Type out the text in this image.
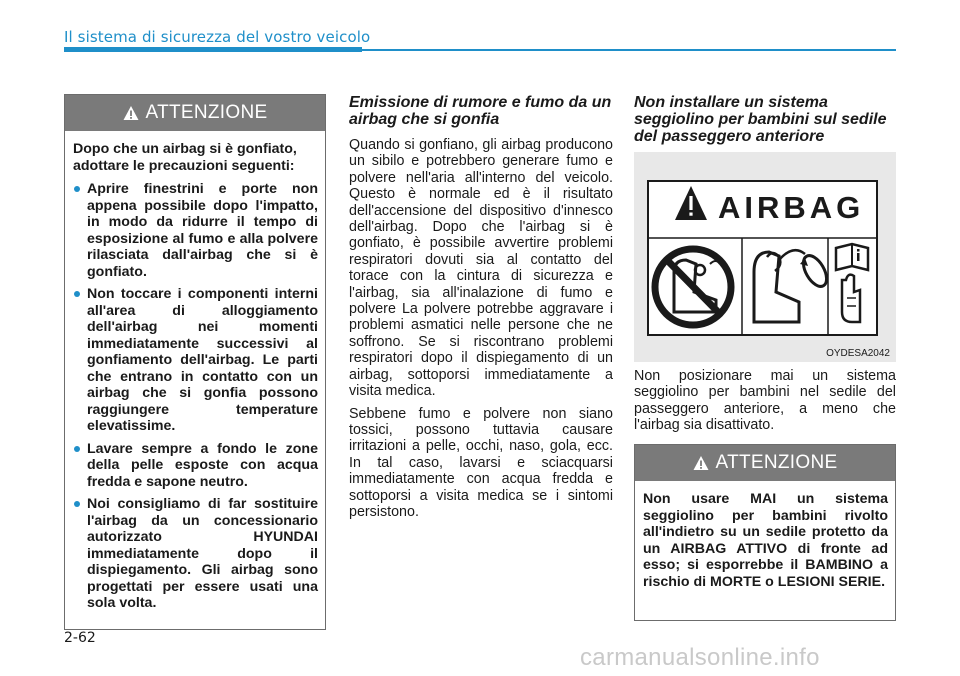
Il sistema di sicurezza del vostro veicolo
ATTENZIONE

Dopo che un airbag si è gonfiato, adottare le precauzioni seguenti:

Aprire finestrini e porte non appena possibile dopo l'impatto, in modo da ridurre il tempo di esposizione al fumo e alla polvere rilasciata dall'airbag che si è gonfiato.
Non toccare i componenti interni all'area di alloggiamento dell'airbag nei momenti immediatamente successivi al gonfiamento dell'airbag. Le parti che entrano in contatto con un airbag che si gonfia possono raggiungere temperature elevatissime.
Lavare sempre a fondo le zone della pelle esposte con acqua fredda e sapone neutro.
Noi consigliamo di far sostituire l'airbag da un concessionario autorizzato HYUNDAI immediatamente dopo il dispiegamento. Gli airbag sono progettati per essere usati una sola volta.
Emissione di rumore e fumo da un airbag che si gonfia

Quando si gonfiano, gli airbag producono un sibilo e potrebbero generare fumo e polvere nell'aria all'interno del veicolo. Questo è normale ed è il risultato dell'accensione del dispositivo d'innesco dell'airbag. Dopo che l'airbag si è gonfiato, è possibile avvertire problemi respiratori dovuti sia al contatto del torace con la cintura di sicurezza e l'airbag, sia all'inalazione di fumo e polvere La polvere potrebbe aggravare i problemi asmatici nelle persone che ne soffrono. Se si riscontrano problemi respiratori dopo il dispiegamento di un airbag, sottoporsi immediatamente a visita medica.

Sebbene fumo e polvere non siano tossici, possono tuttavia causare irritazioni a pelle, occhi, naso, gola, ecc. In tal caso, lavarsi e sciacquarsi immediatamente con acqua fredda e sottoporsi a visita medica se i sintomi persistono.

Non installare un sistema seggiolino per bambini sul sedile del passeggero anteriore
AIRBAG
OYDESA2042

Non posizionare mai un sistema seggiolino per bambini nel sedile del passeggero anteriore, a meno che l'airbag sia disattivato.

ATTENZIONE

Non usare MAI un sistema seggiolino per bambini rivolto all'indietro su un sedile protetto da un AIRBAG ATTIVO di fronte ad esso; si esporrebbe il BAMBINO a rischio di MORTE o LESIONI SERIE.

2-62
carmanualsonline.info
